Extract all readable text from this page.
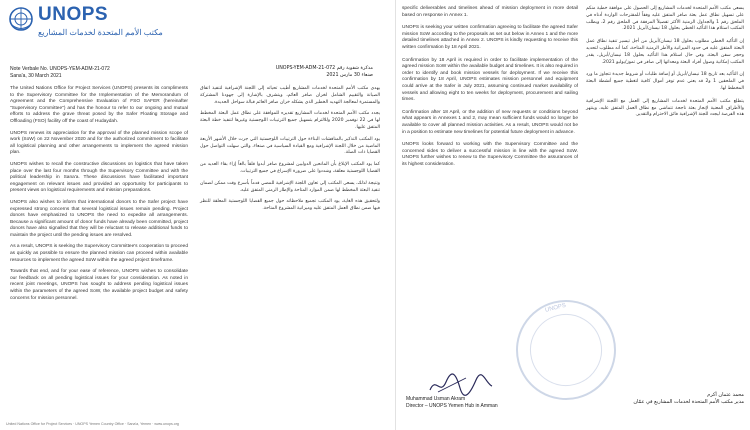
UNOPS
مكتب الأمم المتحدة لخدمات المشاريع
Note Verbale No. UNOPS-YEM-ADM-21-072
Sana'a, 30 March 2021
مذكرة شفوية رقم UNOPS-YEM-ADM-21-072
صنعاء 30 مارس 2021

The United Nations Office for Project Services (UNOPS) presents its compliments to the Supervisory Committee for the Implementation of the Memorandum of Agreement and the Comprehensive Evaluation of FSO SAFER (hereinafter "Supervisory Committee") and has the honour to refer to our ongoing and mutual efforts to address the grave threat posed by the Safer Floating Storage and Offloading (FSO) facility off the coast of Hudaydah.

UNOPS renews its appreciation for the approval of the planned mission scope of work (SoW) on 22 November 2020 and for the authorized commitment to facilitate all logistical planning and other arrangements to implement the agreed mission plan.

UNOPS wishes to recall the constructive discussions on logistics that have taken place over the last four months through the Supervisory Committee and with the political leadership in Sana'a. These discussions have facilitated important engagement on relevant issues and provided an opportunity for participants to present views on logistical requirements and mission preparations.

UNOPS also wishes to inform that international donors to the Safer project have expressed strong concerns that several logistical issues remain pending. Project donors have emphasized to UNOPS the need to expedite all arrangements. Because a significant amount of donor funds have already been committed, project donors have also signalled that they will be reluctant to release additional funds to maintain the project until the pending issues are resolved.

As a result, UNOPS is seeking the Supervisory Committee's cooperation to proceed as quickly as possible to ensure the planned mission can proceed within available resources to implement the agreed SoW within the agreed project timeframe.

Towards that end, and for your ease of reference, UNOPS wishes to consolidate our feedback on all pending logistical issues for your consideration. As noted in recent joint meetings, UNOPS has sought to address pending logistical issues within the parameters of the agreed SoW, the available project budget and safety concerns for mission personnel.

يهدي مكتب الأمم المتحدة لخدمات المشاريع أطيب تحياته إلى اللجنة الإشرافية لتنفيذ اتفاق الصيانة والتقييم الشامل لخزان صافر العائم، ويتشرف بالإشارة إلى جهودنا المشتركة والمستمرة لمعالجة التهديد الخطير الذي يشكله خزان صافر العائم قبالة سواحل الحديدة.

يجدد مكتب الأمم المتحدة لخدمات المشاريع تقديره للموافقة على نطاق عمل البعثة المخطط لها في 22 نوفمبر 2020 وللالتزام بتسهيل جميع الترتيبات اللوجستية وغيرها لتنفيذ خطة البعثة المتفق عليها.

يود المكتب التذكير بالمناقشات البناءة حول الترتيبات اللوجستية التي جرت خلال الأشهر الأربعة الماضية من خلال اللجنة الإشرافية ومع القيادة السياسية في صنعاء، والتي سهلت التواصل حول القضايا ذات الصلة.

كما يود المكتب الإبلاغ بأن المانحين الدوليين لمشروع صافر أبدوا قلقاً بالغاً إزاء بقاء العديد من القضايا اللوجستية معلقة، وشددوا على ضرورة الإسراع في جميع الترتيبات.

ونتيجة لذلك، يسعى المكتب إلى تعاون اللجنة الإشرافية للمضي قدماً بأسرع وقت ممكن لضمان تنفيذ البعثة المخطط لها ضمن الموارد المتاحة والإطار الزمني المتفق عليه.

ولتحقيق هذه الغاية، يود المكتب تجميع ملاحظاته حول جميع القضايا اللوجستية المعلقة للنظر فيها ضمن نطاق العمل المتفق عليه وميزانية المشروع المتاحة.

United Nations Office for Project Services · UNOPS Yemen Country Office · Sana'a, Yemen · www.unops.org

specific deliverables and timelines ahead of mission deployment in more detail based on response in Annex 1.

UNOPS is seeking your written confirmation agreeing to facilitate the agreed Safer mission SoW according to the proposals as set out below in Annex 1 and the more detailed timelines attached in Annex 2. UNOPS is kindly requesting to receive this written confirmation by 18 April 2021.

Confirmation by 18 April is required in order to facilitate implementation of the agreed mission SoW within the available budget and timelines. It is also required in order to identify and book mission vessels for deployment. If we receive this confirmation by 18 April, UNOPS estimates mission personnel and equipment could arrive at the Safer in July 2021, assuming continued market availability of vessels and allowing eight to ten weeks for deployment, procurement and sailing times.

Confirmation after 18 April, or the addition of new requests or conditions beyond what appears in Annexes 1 and 2, may mean sufficient funds would no longer be available to cover all planned mission activities. As a result, UNOPS would not be in a position to estimate new timelines for potential future deployment in advance.

UNOPS looks forward to working with the Supervisory Committee and the concerned sides to deliver a successful mission in line with the agreed SoW. UNOPS further wishes to renew to the Supervisory Committee the assurances of its highest consideration.

يسعى مكتب الأمم المتحدة لخدمات المشاريع إلى الحصول على موافقة خطية منكم على تسهيل نطاق عمل بعثة صافر المتفق عليه وفقاً للمقترحات الواردة أدناه في الملحق رقم 1 والجداول الزمنية الأكثر تفصيلاً المرفقة في الملحق رقم 2، ويطلب المكتب استلام هذا التأكيد الخطي بحلول 18 نيسان/أبريل 2021.

إن التأكيد الخطي مطلوب بحلول 18 نيسان/أبريل من أجل تيسير تنفيذ نطاق عمل البعثة المتفق عليه في حدود الميزانية والأطر الزمنية المتاحة، كما أنه مطلوب لتحديد وحجز سفن البعثة. وفي حال استلام هذا التأكيد بحلول 18 نيسان/أبريل، يقدر المكتب إمكانية وصول أفراد البعثة ومعداتها إلى صافر في تموز/يوليو 2021.

إن التأكيد بعد تاريخ 18 نيسان/أبريل أو إضافة طلبات أو شروط جديدة تتجاوز ما ورد في الملحقين 1 و2 قد يعني عدم توفر أموال كافية لتغطية جميع أنشطة البعثة المخطط لها.

يتطلع مكتب الأمم المتحدة لخدمات المشاريع إلى العمل مع اللجنة الإشرافية والأطراف المعنية لإنجاز بعثة ناجحة تتماشى مع نطاق العمل المتفق عليه، وينتهز هذه الفرصة ليجدد للجنة الإشرافية فائق الاحترام والتقدير.

UNOPS
Muhammad Usman Akram
Director – UNOPS Yemen Hub in Amman
محمد عثمان أكرم
مدير مكتب الأمم المتحدة لخدمات المشاريع في عمّان
